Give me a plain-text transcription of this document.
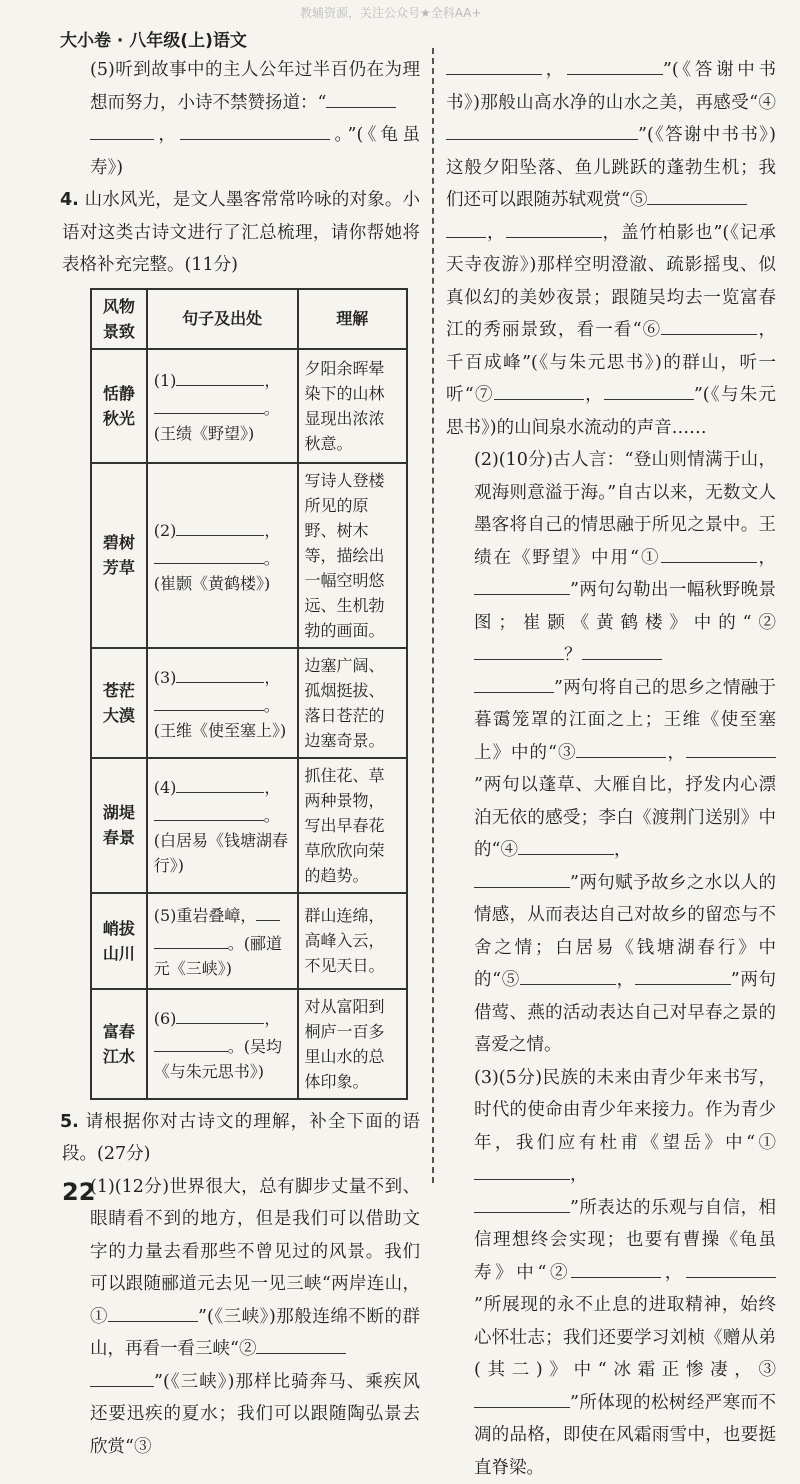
教辅资源，关注公众号★全科AA+
大小卷 · 八年级(上)语文

(5)听到故事中的主人公年过半百仍在为理想而努力，小诗不禁赞扬道：“
，	。”(《龟虽寿》)

4. 山水风光，是文人墨客常常吟咏的对象。小语对这类古诗文进行了汇总梳理，请你帮她将表格补充完整。(11分)

风物景致	句子及出处	理解
恬静秋光	(1) ，
。
(王绩《野望》)	夕阳余晖晕染下的山林显现出浓浓秋意。
碧树芳草	(2) ，
。
(崔颢《黄鹤楼》)	写诗人登楼所见的原野、树木等，描绘出一幅空明悠远、生机勃勃的画面。
苍茫大漠	(3) ，
。
(王维《使至塞上》)	边塞广阔、孤烟挺拔、落日苍茫的边塞奇景。
湖堤春景	(4) ，
。
(白居易《钱塘湖春行》)	抓住花、草两种景物，写出早春花草欣欣向荣的趋势。
峭拔山川	(5)重岩叠嶂，
。(郦道元《三峡》)	群山连绵，高峰入云，不见天日。
富春江水	(6) ，
。(吴均《与朱元思书》)	对从富阳到桐庐一百多里山水的总体印象。

5. 请根据你对古诗文的理解，补全下面的语段。(27分)

(1)(12分)世界很大，总有脚步丈量不到、眼睛看不到的地方，但是我们可以借助文字的力量去看那些不曾见过的风景。我们可以跟随郦道元去见一见三峡“两岸连山，①	”(《三峡》)那般连绵不断的群山，再看一看三峡“②
”(《三峡》)那样比骑奔马、乘疾风还要迅疾的夏水；我们可以跟随陶弘景去欣赏“③

，	”(《答谢中书书》)那般山高水净的山水之美，再感受“④”(《答谢中书书》)这般夕阳坠落、鱼儿跳跃的蓬勃生机；我们还可以跟随苏轼观赏“⑤
，	，盖竹柏影也”(《记承天寺夜游》)那样空明澄澈、疏影摇曳、似真似幻的美妙夜景；跟随吴均去一览富春江的秀丽景致，看一看“⑥	，千百成峰”(《与朱元思书》)的群山，听一听“⑦	，	”(《与朱元思书》)的山间泉水流动的声音……

(2)(10分)古人言：“登山则情满于山，观海则意溢于海。”自古以来，无数文人墨客将自己的情思融于所见之景中。王绩在《野望》中用“①	，”两句勾勒出一幅秋野晚景图；崔颢《黄鹤楼》中的“②？
”两句将自己的思乡之情融于暮霭笼罩的江面之上；王维《使至塞上》中的“③	，”两句以蓬草、大雁自比，抒发内心漂泊无依的感受；李白《渡荆门送别》中的“④	，
”两句赋予故乡之水以人的情感，从而表达自己对故乡的留恋与不舍之情；白居易《钱塘湖春行》中的“⑤	，	”两句借莺、燕的活动表达自己对早春之景的喜爱之情。

(3)(5分)民族的未来由青少年来书写，时代的使命由青少年来接力。作为青少年，我们应有杜甫《望岳》中“①，
”所表达的乐观与自信，相信理想终会实现；也要有曹操《龟虽寿》中“②	，”所展现的永不止息的进取精神，始终心怀壮志；我们还要学习刘桢《赠从弟(其二)》中“冰霜正惨凄，③”所体现的松树经严寒而不凋的品格，即使在风霜雨雪中，也要挺直脊梁。

22
